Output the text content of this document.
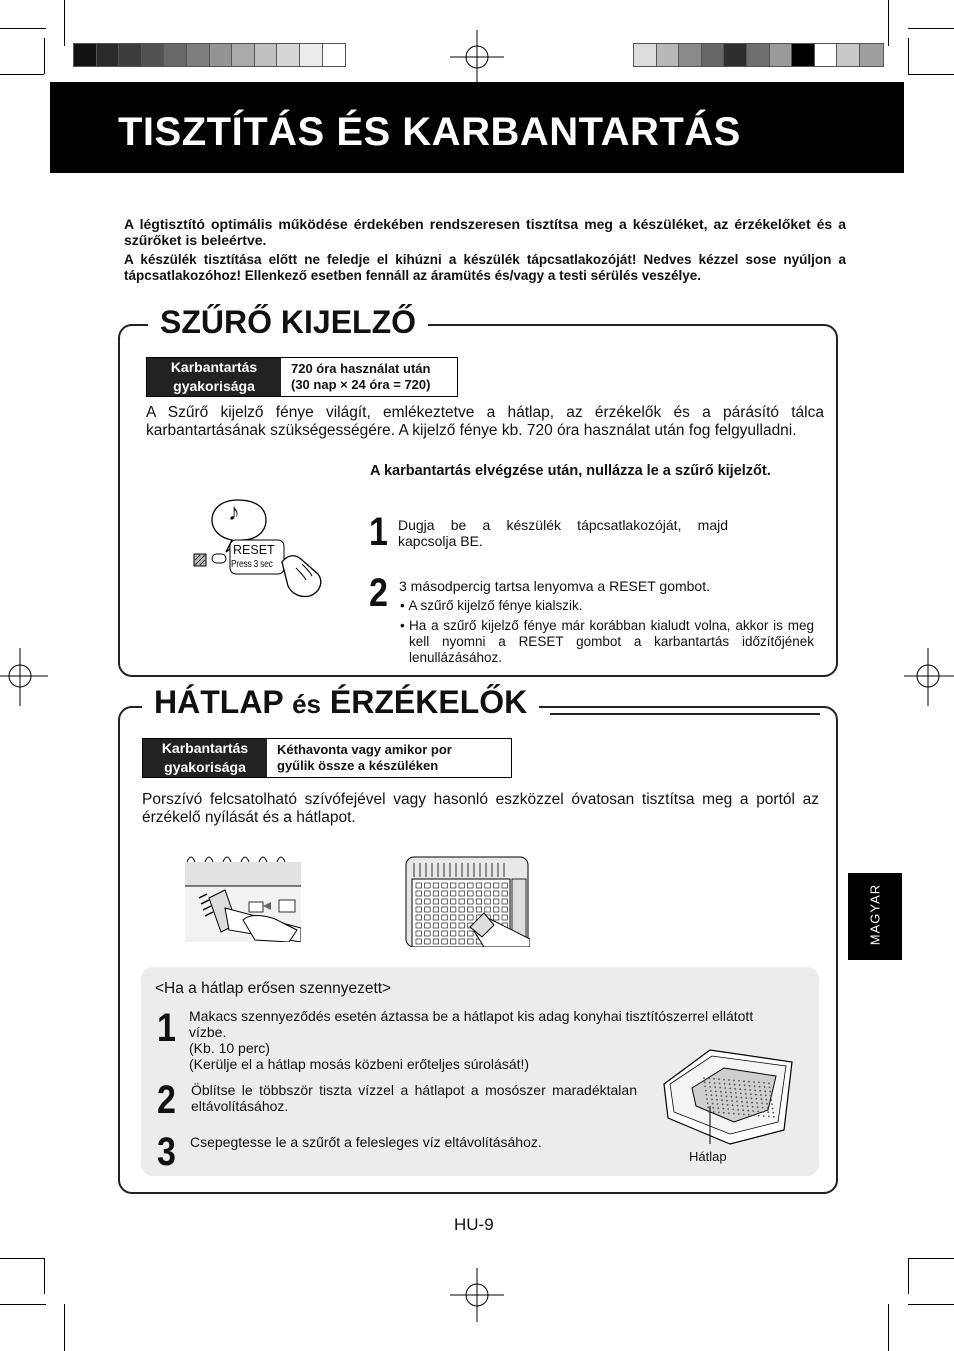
TISZTÍTÁS ÉS KARBANTARTÁS
A légtisztító optimális működése érdekében rendszeresen tisztítsa meg a készüléket, az érzékelőket és a szűrőket is beleértve.
A készülék tisztítása előtt ne feledje el kihúzni a készülék tápcsatlakozóját! Nedves kézzel sose nyúljon a tápcsatlakozóhoz! Ellenkező esetben fennáll az áramütés és/vagy a testi sérülés veszélye.
SZŰRŐ KIJELZŐ
Karbantartás
gyakorisága
720 óra használat után
(30 nap × 24 óra = 720)
A Szűrő kijelző fénye világít, emlékeztetve a hátlap, az érzékelők és a párásító tálca karbantartásának szükségességére. A kijelző fénye kb. 720 óra használat után fog felgyulladni.
A karbantartás elvégzése után, nullázza le a szűrő kijelzőt.
♪
RESET
Press 3 sec
1 Dugja be a készülék tápcsatlakozóját, majd kapcsolja BE.
2 3 másodpercig tartsa lenyomva a RESET gombot.
• A szűrő kijelző fénye kialszik.
• Ha a szűrő kijelző fénye már korábban kialudt volna, akkor is meg kell nyomni a RESET gombot a karbantartás időzítőjének lenullázásához.
HÁTLAP és ÉRZÉKELŐK
Karbantartás
gyakorisága
Kéthavonta vagy amikor por
gyűlik össze a készüléken
Porszívó felcsatolható szívófejével vagy hasonló eszközzel óvatosan tisztítsa meg a portól az érzékelő nyílását és a hátlapot.
<Ha a hátlap erősen szennyezett>
1 Makacs szennyeződés esetén áztassa be a hátlapot kis adag konyhai tisztítószerrel ellátott vízbe.
(Kb. 10 perc)
(Kerülje el a hátlap mosás közbeni erőteljes súrolását!)
2 Öblítse le többször tiszta vízzel a hátlapot a mosószer maradéktalan eltávolításához.
3 Csepegtesse le a szűrőt a felesleges víz eltávolításához.
Hátlap
MAGYAR
HU-9
